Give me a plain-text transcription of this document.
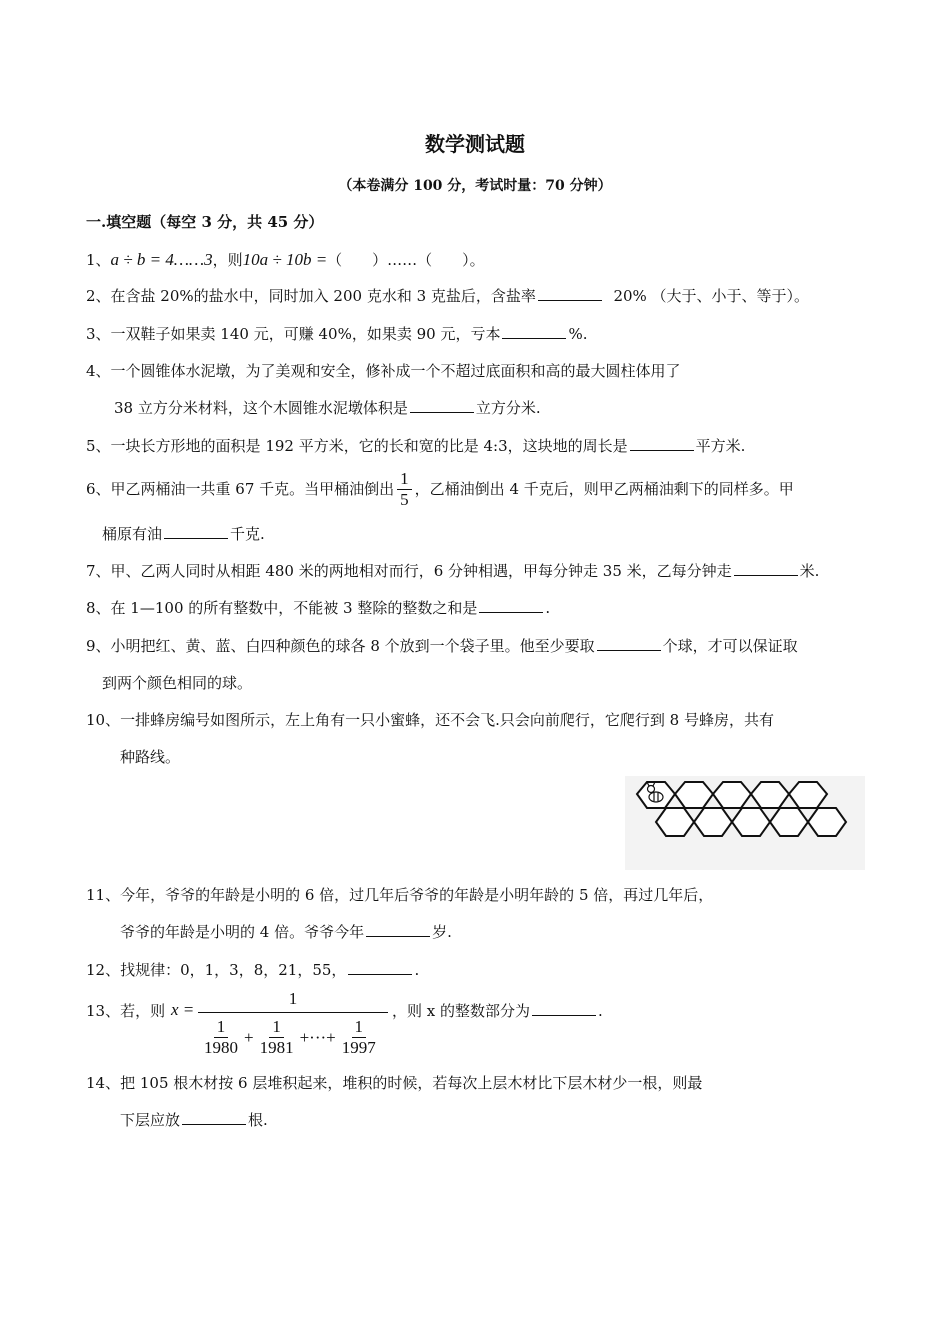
数学测试题
（本卷满分 100 分，考试时量：70 分钟）
一.填空题（每空 3 分，共 45 分）
1、a ÷ b = 4……3，则10a ÷ 10b =（　　）……（　　）。
2、在含盐 20%的盐水中，同时加入 200 克水和 3 克盐后，含盐率	20% （大于、小于、等于）。
3、一双鞋子如果卖 140 元，可赚 40%，如果卖 90 元，亏本	%.
4、一个圆锥体水泥墩，为了美观和安全，修补成一个不超过底面积和高的最大圆柱体用了
38 立方分米材料，这个木圆锥水泥墩体积是	立方分米.
5、一块长方形地的面积是 192 平方米，它的长和宽的比是 4:3，这块地的周长是	平方米.
6、甲乙两桶油一共重 67 千克。当甲桶油倒出 $\frac{1}{5}$ ，乙桶油倒出 4 千克后，则甲乙两桶油剩下的同样多。甲
桶原有油	千克.
7、甲、乙两人同时从相距 480 米的两地相对而行，6 分钟相遇，甲每分钟走 35 米，乙每分钟走	米.
8、在 1—100 的所有整数中，不能被 3 整除的整数之和是	.
9、小明把红、黄、蓝、白四种颜色的球各 8 个放到一个袋子里。他至少要取	个球，才可以保证取
到两个颜色相同的球。
10、一排蜂房编号如图所示，左上角有一只小蜜蜂，还不会飞.只会向前爬行，它爬行到 8 号蜂房，共有
种路线。
11、今年，爷爷的年龄是小明的 6 倍，过几年后爷爷的年龄是小明年龄的 5 倍，再过几年后，
爷爷的年龄是小明的 4 倍。爷爷今年	岁.
12、找规律：0，1，3，8，21，55，	.
13、若，则 x =
1
$\frac{1}{1980} + \frac{1}{1981}$ +···+ $\frac{1}{1997}$
，则 x 的整数部分为	.
14、把 105 根木材按 6 层堆积起来，堆积的时候，若每次上层木材比下层木材少一根，则最
下层应放	根.
